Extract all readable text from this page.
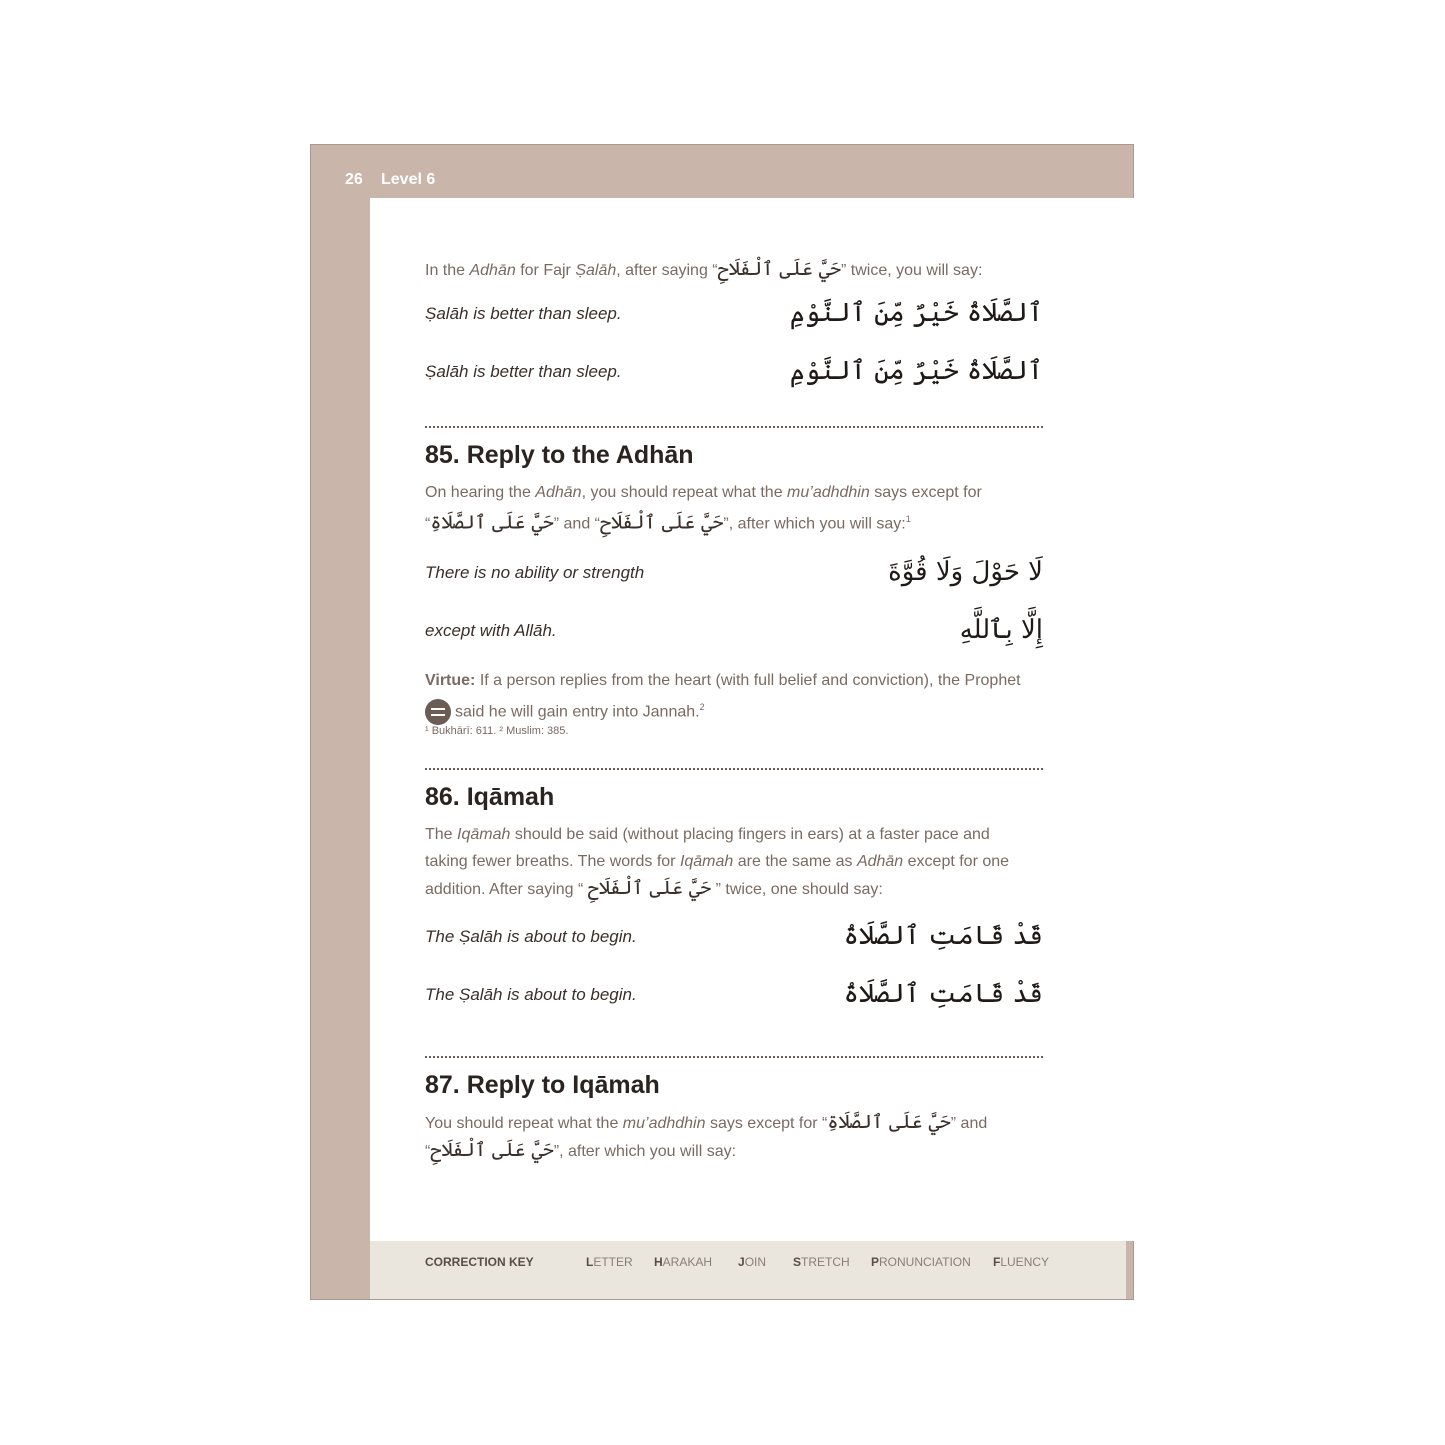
26 Level 6

In the Adhān for Fajr Ṣalāh, after saying “حَيَّ عَلَى ٱلْفَلَاحِ” twice, you will say:

Ṣalāh is better than sleep.	ٱلصَّلَاةُ خَيْرٌ مِّنَ ٱلنَّوْمِ
Ṣalāh is better than sleep.	ٱلصَّلَاةُ خَيْرٌ مِّنَ ٱلنَّوْمِ
85. Reply to the Adhān

On hearing the Adhān, you should repeat what the mu’adhdhin says except for
“حَيَّ عَلَى ٱلصَّلَاةِ” and “حَيَّ عَلَى ٱلْفَلَاحِ”, after which you will say:$^1$

There is no ability or strength	لَا حَوْلَ وَلَا قُوَّةَ
except with Allāh.	إِلَّا بِٱللَّهِ

Virtue: If a person replies from the heart (with full belief and conviction), the Prophet
said he will gain entry into Jannah.$^2$

¹ Bukhārī: 611. ² Muslim: 385.

86. Iqāmah

The Iqāmah should be said (without placing fingers in ears) at a faster pace and
taking fewer breaths. The words for Iqāmah are the same as Adhān except for one
addition. After saying “ حَيَّ عَلَى ٱلْفَلَاحِ ” twice, one should say:

The Ṣalāh is about to begin.	قَدْ قَامَتِ ٱلصَّلَاةُ
The Ṣalāh is about to begin.	قَدْ قَامَتِ ٱلصَّلَاةُ
87. Reply to Iqāmah

You should repeat what the mu’adhdhin says except for “حَيَّ عَلَى ٱلصَّلَاةِ” and
“حَيَّ عَلَى ٱلْفَلَاحِ”, after which you will say:

CORRECTION KEY	LETTER HARAKAH JOIN STRETCH PRONUNCIATION FLUENCY
